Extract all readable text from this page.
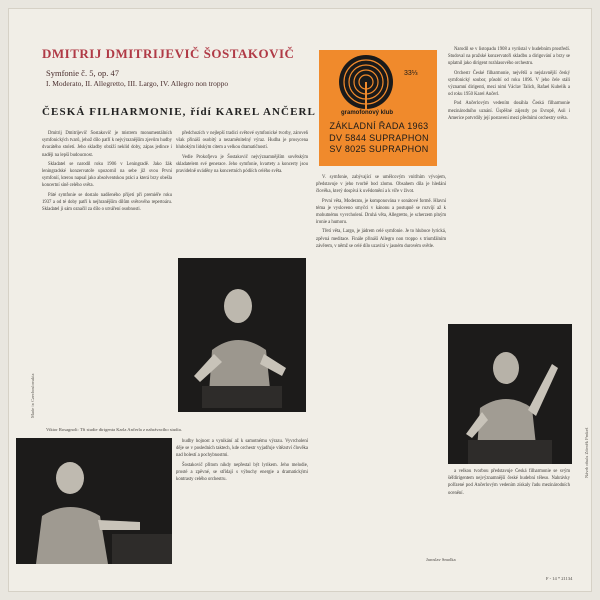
DMITRIJ DMITRIJEVIČ ŠOSTAKOVIČ
Symfonie č. 5, op. 47
I. Moderato, II. Allegretto, III. Largo, IV. Allegro non troppo
ČESKÁ FILHARMONIE, řídí KAREL ANČERL

Dmitrij Dmitrijevič Šostakovič je mistrem monumentálních symfonických tvarů, jehož dílo patří k nejvýraznějším zjevům hudby dvacátého století. Jeho skladby obráží neklid doby, zápas jedince i naději na lepší budoucnost.

Skladatel se narodil roku 1906 v Leningradě. Jako žák leningradské konzervatoře upozornil na sebe již svou První symfonií, kterou napsal jako absolventskou práci a která brzy obešla koncertní síně celého světa.

Páté symfonie se dostalo nadšeného přijetí při premiéře roku 1937 a od té doby patří k nejhranějším dílům světového repertoáru. Skladatel ji sám označil za dílo o utváření osobnosti.

předchozích v nejlepší tradici světové symfonické tvorby, zároveň však přináší osobitý a nezaměnitelný výraz. Hudba je prosycena hlubokým lidským citem a velkou dramatičností.

Vedle Prokofjeva je Šostakovič nejvýznamnějším sovětským skladatelem své generace. Jeho symfonie, kvartety a koncerty jsou pravidelně uváděny na koncertních pódiích celého světa.

33⅓
gramofonový klub
ZÁKLADNÍ ŘADA 1963
DV 5844 SUPRAPHON
SV 8025 SUPRAPHON

V. symfonie, zabývající se umělcovým vnitřním vývojem, představuje v jeho tvorbě bod zlomu. Obsahem díla je hledání člověka, který dospívá k uvědomění a k víře v život.

První věta, Moderato, je komponována v sonátové formě. Hlavní téma je vysloveno smyčci v kánonu a postupně se rozvíjí až k mohutnému vyvrcholení. Druhá věta, Allegretto, je scherzem plným ironie a humoru.

Třetí věta, Largo, je jádrem celé symfonie. Je to hluboce lyrická, zpěvná meditace. Finále přináší Allegro non troppo s triumfálním závěrem, v němž se celé dílo uzavírá v jasném durovém světle.

Narodil se v listopadu 1908 a vyrůstal v hudebním prostředí. Studoval na pražské konzervatoři skladbu a dirigování a brzy se uplatnil jako dirigent rozhlasového orchestru.

Orchestr České filharmonie, největší a nejslavnější český symfonický soubor, působí od roku 1896. V jeho čele stáli významní dirigenti, mezi nimi Václav Talich, Rafael Kubelík a od roku 1950 Karel Ančerl.

Pod Ančerlovým vedením dosáhla Česká filharmonie mezinárodního uznání. Úspěšné zájezdy po Evropě, Asii i Americe potvrdily její postavení mezi předními orchestry světa.

a velkou tvorbou představuje Česká filharmonie se svým šéfdirigentem nejvýznamnější české hudební těleso. Nahrávky pořízené pod Ančerlovým vedením získaly řadu mezinárodních ocenění.

Viktor Rosagnoli: Tři studie dirigenta Karla Ančerla z nahrávacího studia.

hudby hojnost a vynikání až k samotnému výrazu. Vyvrcholení děje se v posledních taktech, kde orchestr vyjadřuje vítězství člověka nad bolestí a pochybnostmi.

Šostakovič přitom nikdy nepřestal být lyrikem. Jeho melodie, prosté a zpěvné, se střídají s výbuchy energie a dramatickými kontrasty celého orchestru.

Jaroslav Smolka
F - 14 * 21134
Made in Czechoslovakia
Návrh obalu Zdeněk Prokeš
